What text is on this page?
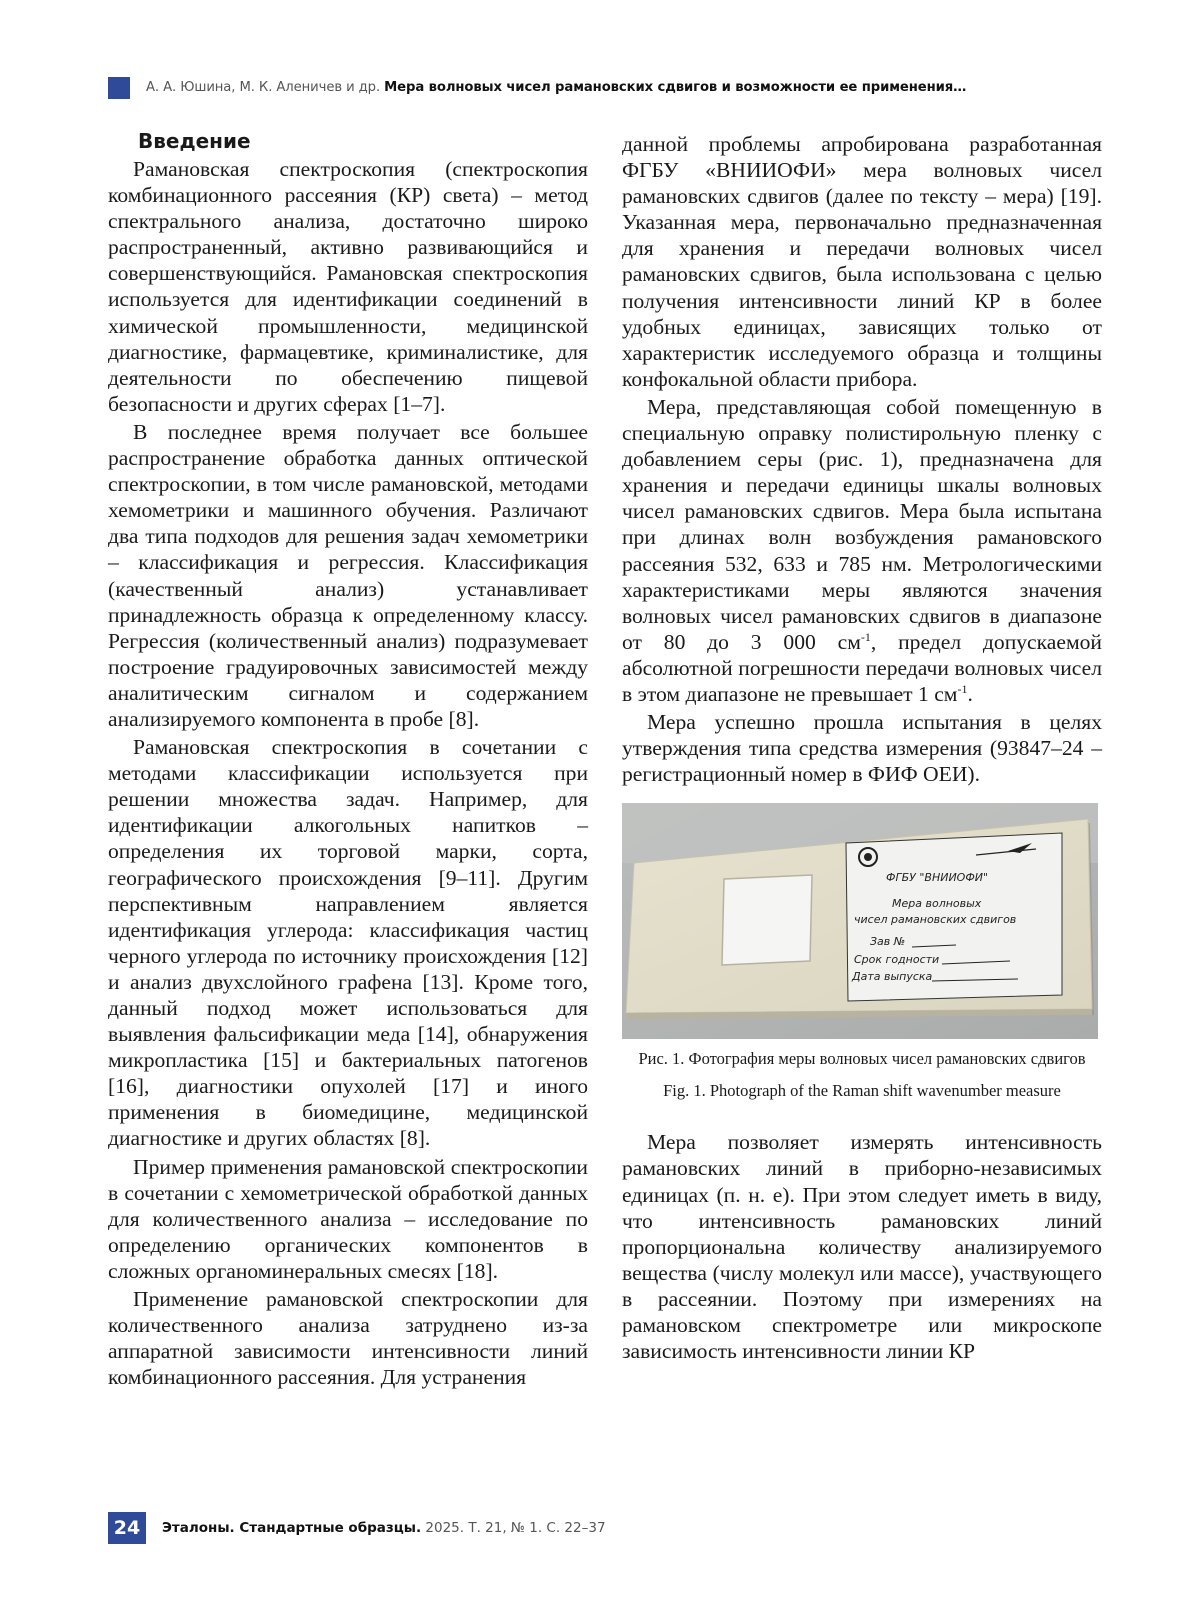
А. А. Юшина, М. К. Аленичев и др. Мера волновых чисел рамановских сдвигов и возможности ее применения…
Введение

Рамановская спектроскопия (спектроскопия комбинационного рассеяния (КР) света) – метод спектрального анализа, достаточно широко распространенный, активно развивающийся и совершенствующийся. Рамановская спектроскопия используется для идентификации соединений в химической промышленности, медицинской диагностике, фармацевтике, криминалистике, для деятельности по обеспечению пищевой безопасности и других сферах [1–7].

В последнее время получает все большее распространение обработка данных оптической спектроскопии, в том числе рамановской, методами хемометрики и машинного обучения. Различают два типа подходов для решения задач хемометрики – классификация и регрессия. Классификация (качественный анализ) устанавливает принадлежность образца к определенному классу. Регрессия (количественный анализ) подразумевает построение градуировочных зависимостей между аналитическим сигналом и содержанием анализируемого компонента в пробе [8].

Рамановская спектроскопия в сочетании с методами классификации используется при решении множества задач. Например, для идентификации алкогольных напитков – определения их торговой марки, сорта, географического происхождения [9–11]. Другим перспективным направлением является идентификация углерода: классификация частиц черного углерода по источнику происхождения [12] и анализ двухслойного графена [13]. Кроме того, данный подход может использоваться для выявления фальсификации меда [14], обнаружения микропластика [15] и бактериальных патогенов [16], диагностики опухолей [17] и иного применения в биомедицине, медицинской диагностике и других областях [8].

Пример применения рамановской спектроскопии в сочетании с хемометрической обработкой данных для количественного анализа – исследование по определению органических компонентов в сложных органоминеральных смесях [18].

Применение рамановской спектроскопии для количественного анализа затруднено из-за аппаратной зависимости интенсивности линий комбинационного рассеяния. Для устранения

данной проблемы апробирована разработанная ФГБУ «ВНИИОФИ» мера волновых чисел рамановских сдвигов (далее по тексту – мера) [19]. Указанная мера, первоначально предназначенная для хранения и передачи волновых чисел рамановских сдвигов, была использована с целью получения интенсивности линий КР в более удобных единицах, зависящих только от характеристик исследуемого образца и толщины конфокальной области прибора.

Мера, представляющая собой помещенную в специальную оправку полистирольную пленку с добавлением серы (рис. 1), предназначена для хранения и передачи единицы шкалы волновых чисел рамановских сдвигов. Мера была испытана при длинах волн возбуждения рамановского рассеяния 532, 633 и 785 нм. Метрологическими характеристиками меры являются значения волновых чисел рамановских сдвигов в диапазоне от 80 до 3 000 $см^{-1}$, предел допускаемой абсолютной погрешности передачи волновых чисел в этом диапазоне не превышает 1 $см^{-1}$.

Мера успешно прошла испытания в целях утверждения типа средства измерения (93847–24 – регистрационный номер в ФИФ ОЕИ).

ФГБУ "ВНИИОФИ"
Мера волновых
чисел рамановских сдвигов
Зав №
Срок годности
Дата выпуска

Рис. 1. Фотография меры волновых чисел рамановских сдвигов

Fig. 1. Photograph of the Raman shift wavenumber measure

Мера позволяет измерять интенсивность рамановских линий в приборно-независимых единицах (п. н. е). При этом следует иметь в виду, что интенсивность рамановских линий пропорциональна количеству анализируемого вещества (числу молекул или массе), участвующего в рассеянии. Поэтому при измерениях на рамановском спектрометре или микроскопе зависимость интенсивности линии КР

24	Эталоны. Стандартные образцы. 2025. Т. 21, № 1. С. 22–37
